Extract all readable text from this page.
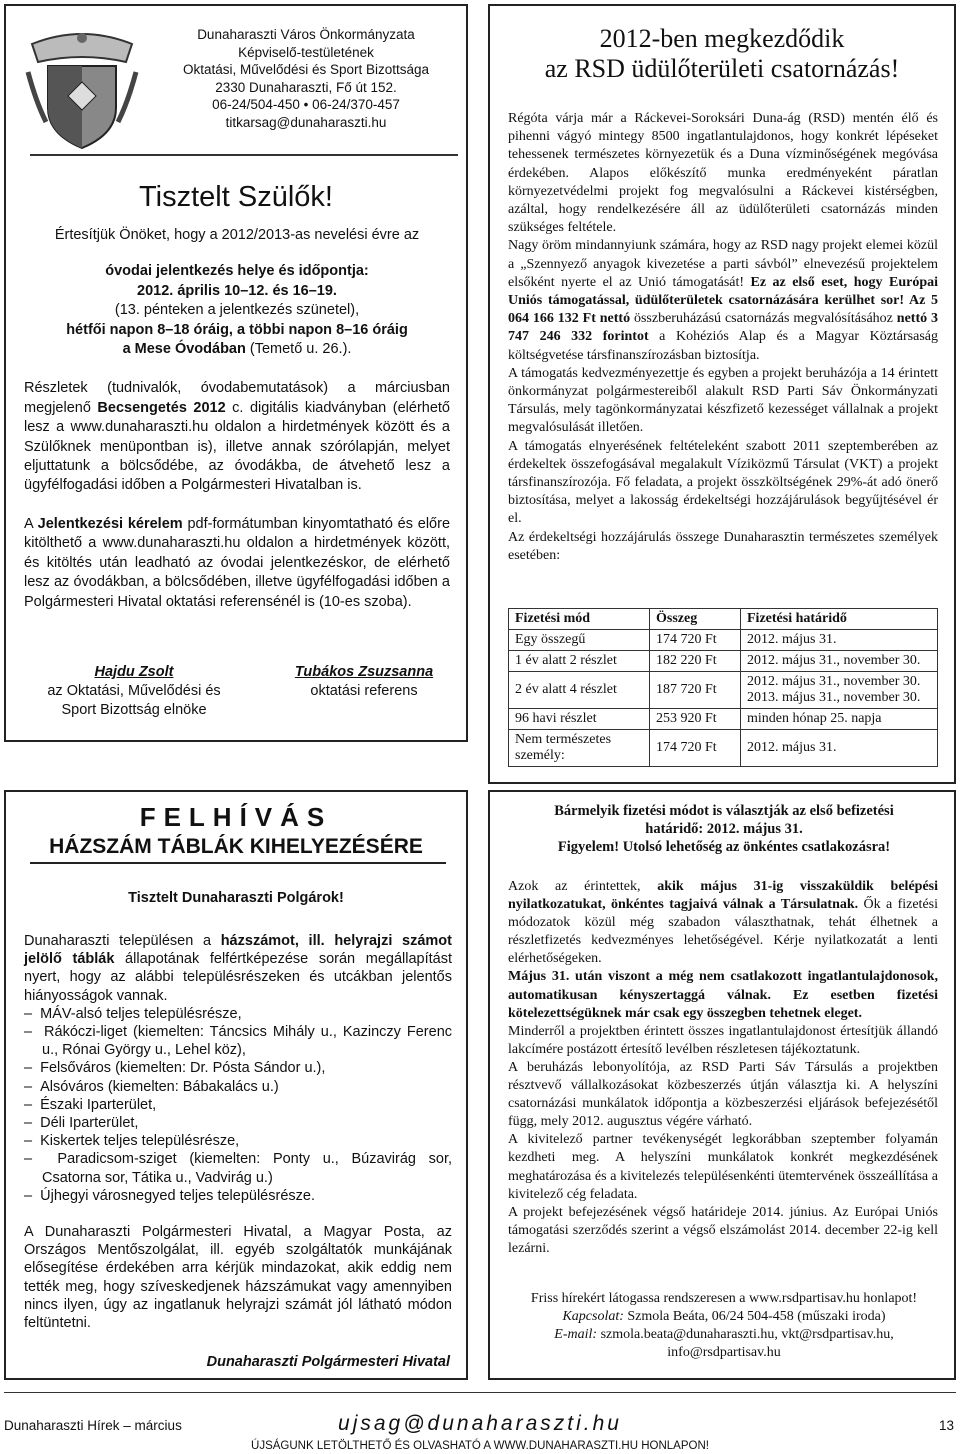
Dunaharaszti Város Önkormányzata
Képviselő-testületének
Oktatási, Művelődési és Sport Bizottsága
2330 Dunaharaszti, Fő út 152.
06-24/504-450 • 06-24/370-457
titkarsag@dunaharaszti.hu
Tisztelt Szülők!

Értesítjük Önöket, hogy a 2012/2013-as nevelési évre az

óvodai jelentkezés helye és időpontja:

2012. április 10–12. és 16–19.

(13. pénteken a jelentkezés szünetel),

hétfői napon 8–18 óráig, a többi napon 8–16 óráig

a Mese Óvodában (Temető u. 26.).

Részletek (tudnivalók, óvodabemutatások) a márciusban megjelenő Becsengetés 2012 c. digitális kiadványban (elérhető lesz a www.dunaharaszti.hu oldalon a hirdetmények között és a Szülőknek menüpontban is), illetve annak szórólapján, melyet eljuttatunk a bölcsődébe, az óvodákba, de átvehető lesz a ügyfélfogadási időben a Polgármesteri Hivatalban is.

A Jelentkezési kérelem pdf-formátumban kinyomtatható és előre kitölthető a www.dunaharaszti.hu oldalon a hirdetmények között, és kitöltés után leadható az óvodai jelentkezéskor, de elérhető lesz az óvodákban, a bölcsődében, illetve ügyfélfogadási időben a Polgármesteri Hivatal oktatási referensénél is (10-es szoba).

Hajdu Zsolt
az Oktatási, Művelődési és
Sport Bizottság elnöke
Tubákos Zsuzsanna
oktatási referens
2012-ben megkezdődik
az RSD üdülőterületi csatornázás!

Régóta várja már a Ráckevei-Soroksári Duna-ág (RSD) mentén élő és pihenni vágyó mintegy 8500 ingatlantulajdonos, hogy konkrét lépéseket tehessenek természetes környezetük és a Duna vízminőségének megóvása érdekében. Alapos előkészítő munka eredményeként páratlan környezetvédelmi projekt fog megvalósulni a Ráckevei kistérségben, azáltal, hogy rendelkezésére áll az üdülőterületi csatornázás minden szükséges feltétele.

Nagy öröm mindannyiunk számára, hogy az RSD nagy projekt elemei közül a „Szennyező anyagok kivezetése a parti sávból” elnevezésű projektelem elsőként nyerte el az Unió támogatását! Ez az első eset, hogy Európai Uniós támogatással, üdülőterületek csatornázására kerülhet sor! Az 5 064 166 132 Ft nettó összberuházású csatornázás megvalósításához nettó 3 747 246 332 forintot a Kohéziós Alap és a Magyar Köztársaság költségvetése társfinanszírozásban biztosítja.

A támogatás kedvezményezettje és egyben a projekt beruházója a 14 érintett önkormányzat polgármestereiből alakult RSD Parti Sáv Önkormányzati Társulás, mely tagönkormányzatai készfizető kezességet vállalnak a projekt megvalósulását illetően.

A támogatás elnyerésének feltételeként szabott 2011 szeptemberében az érdekeltek összefogásával megalakult Víziközmű Társulat (VKT) a projekt társfinanszírozója. Fő feladata, a projekt összköltségének 29%-át adó önerő biztosítása, melyet a lakosság érdekeltségi hozzájárulások begyűjtésével ér el.

Az érdekeltségi hozzájárulás összege Dunaharasztin természetes személyek esetében:

Fizetési mód	Összeg	Fizetési határidő
Egy összegű	174 720 Ft	2012. május 31.
1 év alatt 2 részlet	182 220 Ft	2012. május 31., november 30.
2 év alatt 4 részlet	187 720 Ft	2012. május 31., november 30.
2013. május 31., november 30.

96 havi részlet	253 920 Ft	minden hónap 25. napja
Nem természetes személy:	174 720 Ft	2012. május 31.
FELHÍVÁS
HÁZSZÁM TÁBLÁK KIHELYEZÉSÉRE
Tisztelt Dunaharaszti Polgárok!

Dunaharaszti településen a házszámot, ill. helyrajzi számot jelölő táblák állapotának felfértképezése során megállapítást nyert, hogy az alábbi településrészeken és utcákban jelentős hiányosságok vannak.

–  MÁV-alsó teljes településrésze,
–  Rákóczi-liget (kiemelten: Táncsics Mihály u., Kazinczy Ferenc u., Rónai György u., Lehel köz),
–  Felsőváros (kiemelten: Dr. Pósta Sándor u.),
–  Alsóváros (kiemelten: Bábakalács u.)
–  Északi Iparterület,
–  Déli Iparterület,
–  Kiskertek teljes településrésze,
–  Paradicsom-sziget (kiemelten: Ponty u., Búzavirág sor, Csatorna sor, Tátika u., Vadvirág u.)
–  Újhegyi városnegyed teljes településrésze.

A Dunaharaszti Polgármesteri Hivatal, a Magyar Posta, az Országos Mentőszolgálat, ill. egyéb szolgáltatók munkájának elősegítése érdekében arra kérjük mindazokat, akik eddig nem tették meg, hogy szíveskedjenek házszámukat vagy amennyiben nincs ilyen, úgy az ingatlanuk helyrajzi számát jól látható módon feltüntetni.

Dunaharaszti Polgármesteri Hivatal
Bármelyik fizetési módot is választják az első befizetési
határidő: 2012. május 31.
Figyelem! Utolsó lehetőség az önkéntes csatlakozásra!

Azok az érintettek, akik május 31-ig visszaküldik belépési nyilatkozatukat, önkéntes tagjaivá válnak a Társulatnak. Ők a fizetési módozatok közül még szabadon választhatnak, tehát élhetnek a részletfizetés kedvezményes lehetőségével. Kérje nyilatkozatát a lenti elérhetőségeken.

Május 31. után viszont a még nem csatlakozott ingatlantulajdonosok, automatikusan kényszertaggá válnak. Ez esetben fizetési kötelezettségüknek már csak egy összegben tehetnek eleget.

Minderről a projektben érintett összes ingatlantulajdonost értesítjük állandó lakcímére postázott értesítő levélben részletesen tájékoztatunk.

A beruházás lebonyolítója, az RSD Parti Sáv Társulás a projektben résztvevő vállalkozásokat közbeszerzés útján választja ki. A helyszíni csatornázási munkálatok időpontja a közbeszerzési eljárások befejezésétől függ, mely 2012. augusztus végére várható.

A kivitelező partner tevékenységét legkorábban szeptember folyamán kezdheti meg. A helyszíni munkálatok konkrét megkezdésének meghatározása és a kivitelezés településenkénti ütemtervének összeállítása a kivitelező cég feladata.

A projekt befejezésének végső határideje 2014. június. Az Európai Uniós támogatási szerződés szerint a végső elszámolást 2014. december 22-ig kell lezárni.

Friss hírekért látogassa rendszeresen a www.rsdpartisav.hu honlapot!
Kapcsolat: Szmola Beáta, 06/24 504-458 (műszaki iroda)
E-mail: szmola.beata@dunaharaszti.hu, vkt@rsdpartisav.hu,
info@rsdpartisav.hu
Dunaharaszti Hírek – március	ujsag@dunaharaszti.hu	13
ÚJSÁGUNK LETÖLTHETŐ ÉS OLVASHATÓ A WWW.DUNAHARASZTI.HU HONLAPON!
